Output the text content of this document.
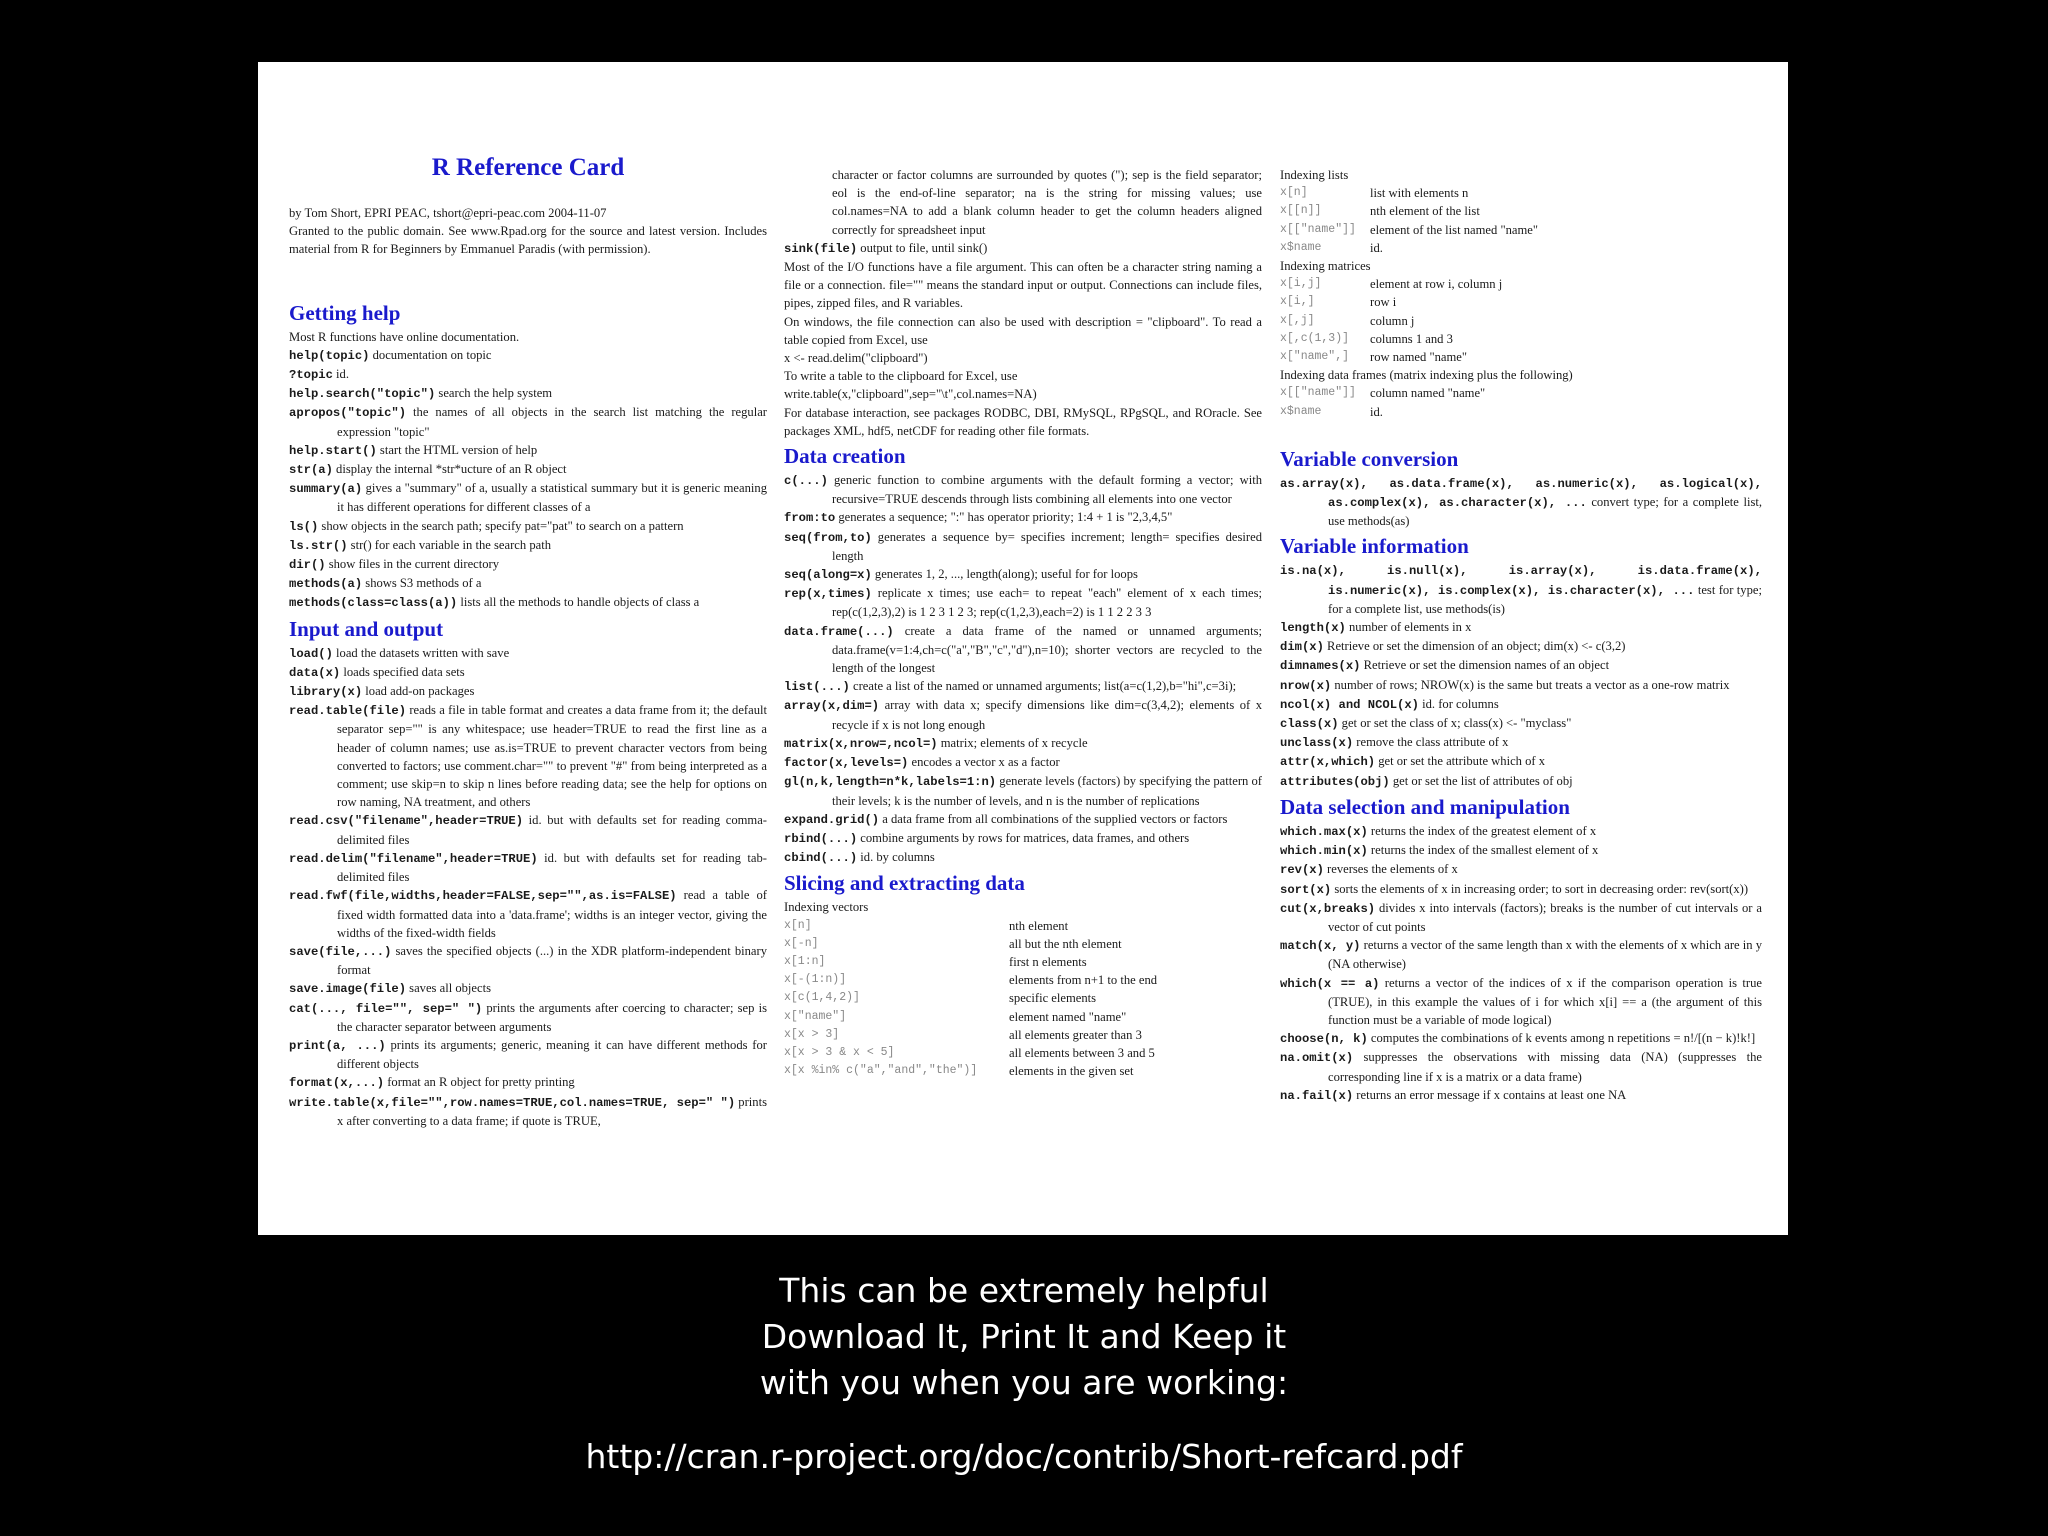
R Reference Card
by Tom Short, EPRI PEAC, tshort@epri-peac.com 2004-11-07
Granted to the public domain. See www.Rpad.org for the source and latest version. Includes material from R for Beginners by Emmanuel Paradis (with permission).
Getting help
Most R functions have online documentation.
help(topic) documentation on topic
?topic id.
help.search("topic") search the help system
apropos("topic") the names of all objects in the search list matching the regular expression "topic"
help.start() start the HTML version of help
str(a) display the internal *str*ucture of an R object
summary(a) gives a "summary" of a, usually a statistical summary but it is generic meaning it has different operations for different classes of a
ls() show objects in the search path; specify pat="pat" to search on a pattern
ls.str() str() for each variable in the search path
dir() show files in the current directory
methods(a) shows S3 methods of a
methods(class=class(a)) lists all the methods to handle objects of class a
Input and output
load() load the datasets written with save
data(x) loads specified data sets
library(x) load add-on packages
read.table(file) reads a file in table format and creates a data frame from it; the default separator sep="" is any whitespace; use header=TRUE to read the first line as a header of column names; use as.is=TRUE to prevent character vectors from being converted to factors; use comment.char="" to prevent "#" from being interpreted as a comment; use skip=n to skip n lines before reading data; see the help for options on row naming, NA treatment, and others
read.csv("filename",header=TRUE) id. but with defaults set for reading comma-delimited files
read.delim("filename",header=TRUE) id. but with defaults set for reading tab-delimited files
read.fwf(file,widths,header=FALSE,sep="",as.is=FALSE) read a table of fixed width formatted data into a 'data.frame'; widths is an integer vector, giving the widths of the fixed-width fields
save(file,...) saves the specified objects (...) in the XDR platform-independent binary format
save.image(file) saves all objects
cat(..., file="", sep=" ") prints the arguments after coercing to character; sep is the character separator between arguments
print(a, ...) prints its arguments; generic, meaning it can have different methods for different objects
format(x,...) format an R object for pretty printing
write.table(x,file="",row.names=TRUE,col.names=TRUE, sep=" ") prints x after converting to a data frame; if quote is TRUE,
character or factor columns are surrounded by quotes ("); sep is the field separator; eol is the end-of-line separator; na is the string for missing values; use col.names=NA to add a blank column header to get the column headers aligned correctly for spreadsheet input
sink(file) output to file, until sink()
Most of the I/O functions have a file argument. This can often be a character string naming a file or a connection. file="" means the standard input or output. Connections can include files, pipes, zipped files, and R variables.
On windows, the file connection can also be used with description = "clipboard". To read a table copied from Excel, use
x <- read.delim("clipboard")
To write a table to the clipboard for Excel, use
write.table(x,"clipboard",sep="\t",col.names=NA)
For database interaction, see packages RODBC, DBI, RMySQL, RPgSQL, and ROracle. See packages XML, hdf5, netCDF for reading other file formats.
Data creation
c(...) generic function to combine arguments with the default forming a vector; with recursive=TRUE descends through lists combining all elements into one vector
from:to generates a sequence; ":" has operator priority; 1:4 + 1 is "2,3,4,5"
seq(from,to) generates a sequence by= specifies increment; length= specifies desired length
seq(along=x) generates 1, 2, ..., length(along); useful for for loops
rep(x,times) replicate x times; use each= to repeat "each" element of x each times; rep(c(1,2,3),2) is 1 2 3 1 2 3; rep(c(1,2,3),each=2) is 1 1 2 2 3 3
data.frame(...) create a data frame of the named or unnamed arguments; data.frame(v=1:4,ch=c("a","B","c","d"),n=10); shorter vectors are recycled to the length of the longest
list(...) create a list of the named or unnamed arguments; list(a=c(1,2),b="hi",c=3i);
array(x,dim=) array with data x; specify dimensions like dim=c(3,4,2); elements of x recycle if x is not long enough
matrix(x,nrow=,ncol=) matrix; elements of x recycle
factor(x,levels=) encodes a vector x as a factor
gl(n,k,length=n*k,labels=1:n) generate levels (factors) by specifying the pattern of their levels; k is the number of levels, and n is the number of replications
expand.grid() a data frame from all combinations of the supplied vectors or factors
rbind(...) combine arguments by rows for matrices, data frames, and others
cbind(...) id. by columns
Slicing and extracting data
Indexing vectors
x[n]	nth element
x[-n]	all but the nth element
x[1:n]	first n elements
x[-(1:n)]	elements from n+1 to the end
x[c(1,4,2)]	specific elements
x["name"]	element named "name"
x[x > 3]	all elements greater than 3
x[x > 3 & x < 5]	all elements between 3 and 5
x[x %in% c("a","and","the")]	elements in the given set
Indexing lists
x[n]	list with elements n
x[[n]]	nth element of the list
x[["name"]]	element of the list named "name"
x$name	id.
Indexing matrices
x[i,j]	element at row i, column j
x[i,]	row i
x[,j]	column j
x[,c(1,3)]	columns 1 and 3
x["name",]	row named "name"
Indexing data frames (matrix indexing plus the following)
x[["name"]]	column named "name"
x$name	id.
Variable conversion
as.array(x), as.data.frame(x), as.numeric(x), as.logical(x), as.complex(x), as.character(x), ... convert type; for a complete list, use methods(as)
Variable information
is.na(x), is.null(x), is.array(x), is.data.frame(x), is.numeric(x), is.complex(x), is.character(x), ... test for type; for a complete list, use methods(is)
length(x) number of elements in x
dim(x) Retrieve or set the dimension of an object; dim(x) <- c(3,2)
dimnames(x) Retrieve or set the dimension names of an object
nrow(x) number of rows; NROW(x) is the same but treats a vector as a one-row matrix
ncol(x) and NCOL(x) id. for columns
class(x) get or set the class of x; class(x) <- "myclass"
unclass(x) remove the class attribute of x
attr(x,which) get or set the attribute which of x
attributes(obj) get or set the list of attributes of obj
Data selection and manipulation
which.max(x) returns the index of the greatest element of x
which.min(x) returns the index of the smallest element of x
rev(x) reverses the elements of x
sort(x) sorts the elements of x in increasing order; to sort in decreasing order: rev(sort(x))
cut(x,breaks) divides x into intervals (factors); breaks is the number of cut intervals or a vector of cut points
match(x, y) returns a vector of the same length than x with the elements of x which are in y (NA otherwise)
which(x == a) returns a vector of the indices of x if the comparison operation is true (TRUE), in this example the values of i for which x[i] == a (the argument of this function must be a variable of mode logical)
choose(n, k) computes the combinations of k events among n repetitions = n!/[(n − k)!k!]
na.omit(x) suppresses the observations with missing data (NA) (suppresses the corresponding line if x is a matrix or a data frame)
na.fail(x) returns an error message if x contains at least one NA
This can be extremely helpful
Download It, Print It and Keep it
with you when you are working:
http://cran.r-project.org/doc/contrib/Short-refcard.pdf
